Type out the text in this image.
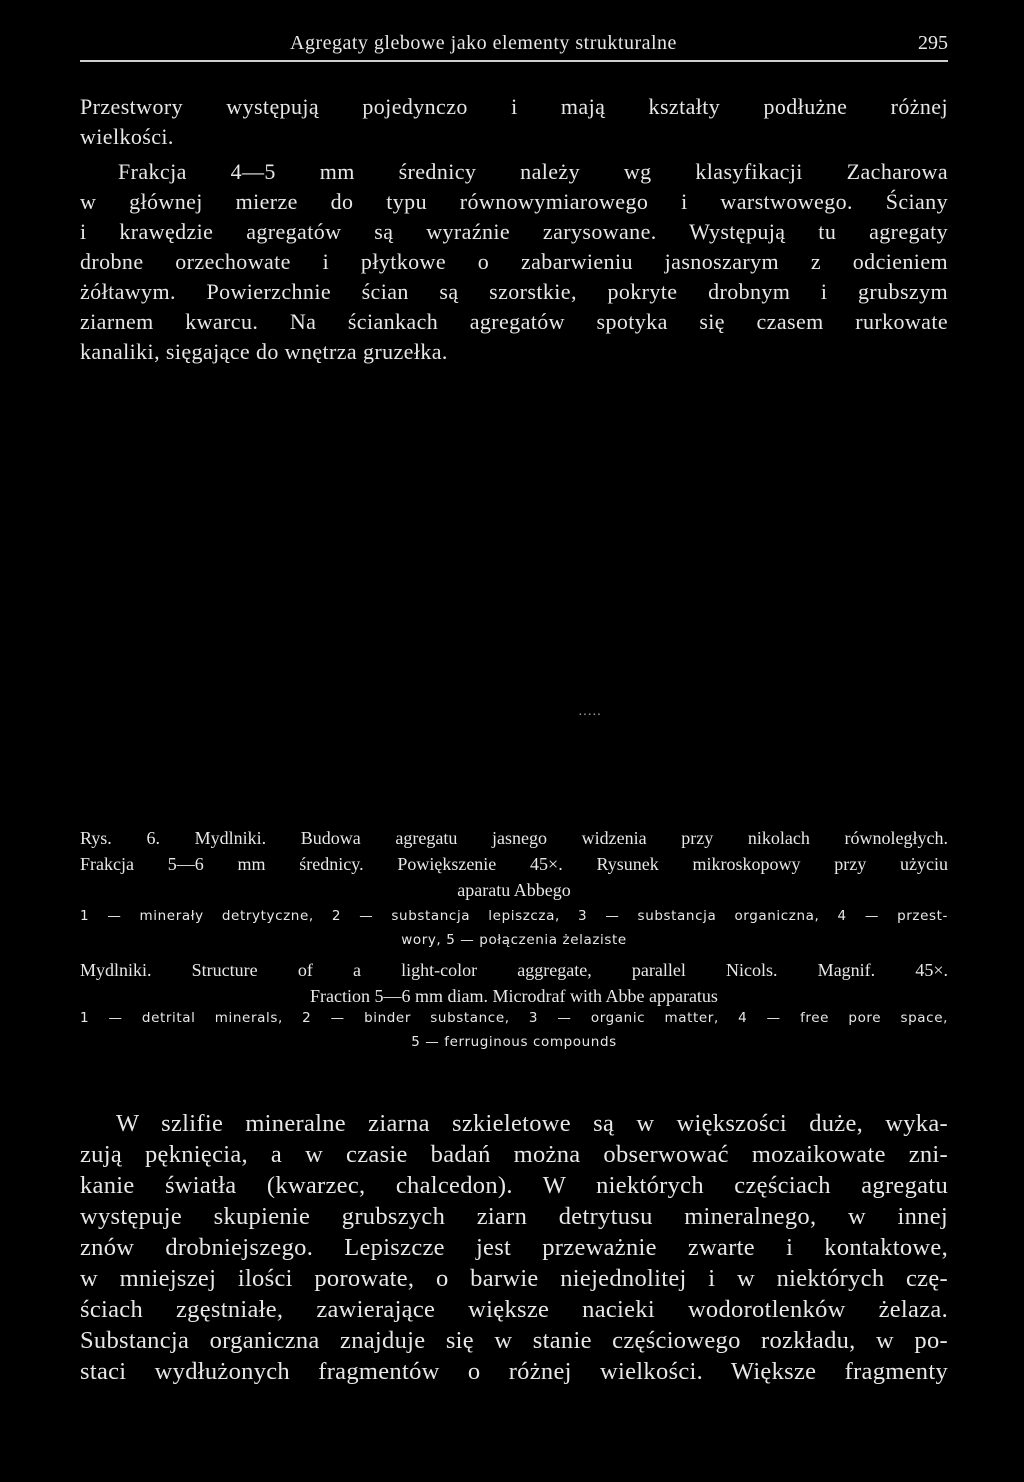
Agregaty glebowe jako elementy strukturalne	295

Przestwory występują pojedynczo i mają kształty podłużne różnej
wielkości.

Frakcja 4—5 mm średnicy należy wg klasyfikacji Zacharowa
w głównej mierze do typu równowymiarowego i warstwowego. Ściany
i krawędzie agregatów są wyraźnie zarysowane. Występują tu agregaty
drobne orzechowate i płytkowe o zabarwieniu jasnoszarym z odcieniem
żółtawym. Powierzchnie ścian są szorstkie, pokryte drobnym i grubszym
ziarnem kwarcu. Na ściankach agregatów spotyka się czasem rurkowate
kanaliki, sięgające do wnętrza gruzełka.

·····

Rys. 6. Mydlniki. Budowa agregatu jasnego widzenia przy nikolach równoległych.
Frakcja 5—6 mm średnicy. Powiększenie 45×. Rysunek mikroskopowy przy użyciu
aparatu Abbego

1 — minerały detrytyczne, 2 — substancja lepiszcza, 3 — substancja organiczna, 4 — przest-
wory, 5 — połączenia żelaziste

Mydlniki. Structure of a light-color aggregate, parallel Nicols. Magnif. 45×.
Fraction 5—6 mm diam. Microdraf with Abbe apparatus

1 — detrital minerals, 2 — binder substance, 3 — organic matter, 4 — free pore space,
5 — ferruginous compounds

W szlifie mineralne ziarna szkieletowe są w większości duże, wyka-
zują pęknięcia, a w czasie badań można obserwować mozaikowate zni-
kanie światła (kwarzec, chalcedon). W niektórych częściach agregatu
występuje skupienie grubszych ziarn detrytusu mineralnego, w innej
znów drobniejszego. Lepiszcze jest przeważnie zwarte i kontaktowe,
w mniejszej ilości porowate, o barwie niejednolitej i w niektórych czę-
ściach zgęstniałe, zawierające większe nacieki wodorotlenków żelaza.
Substancja organiczna znajduje się w stanie częściowego rozkładu, w po-
staci wydłużonych fragmentów o różnej wielkości. Większe fragmenty
